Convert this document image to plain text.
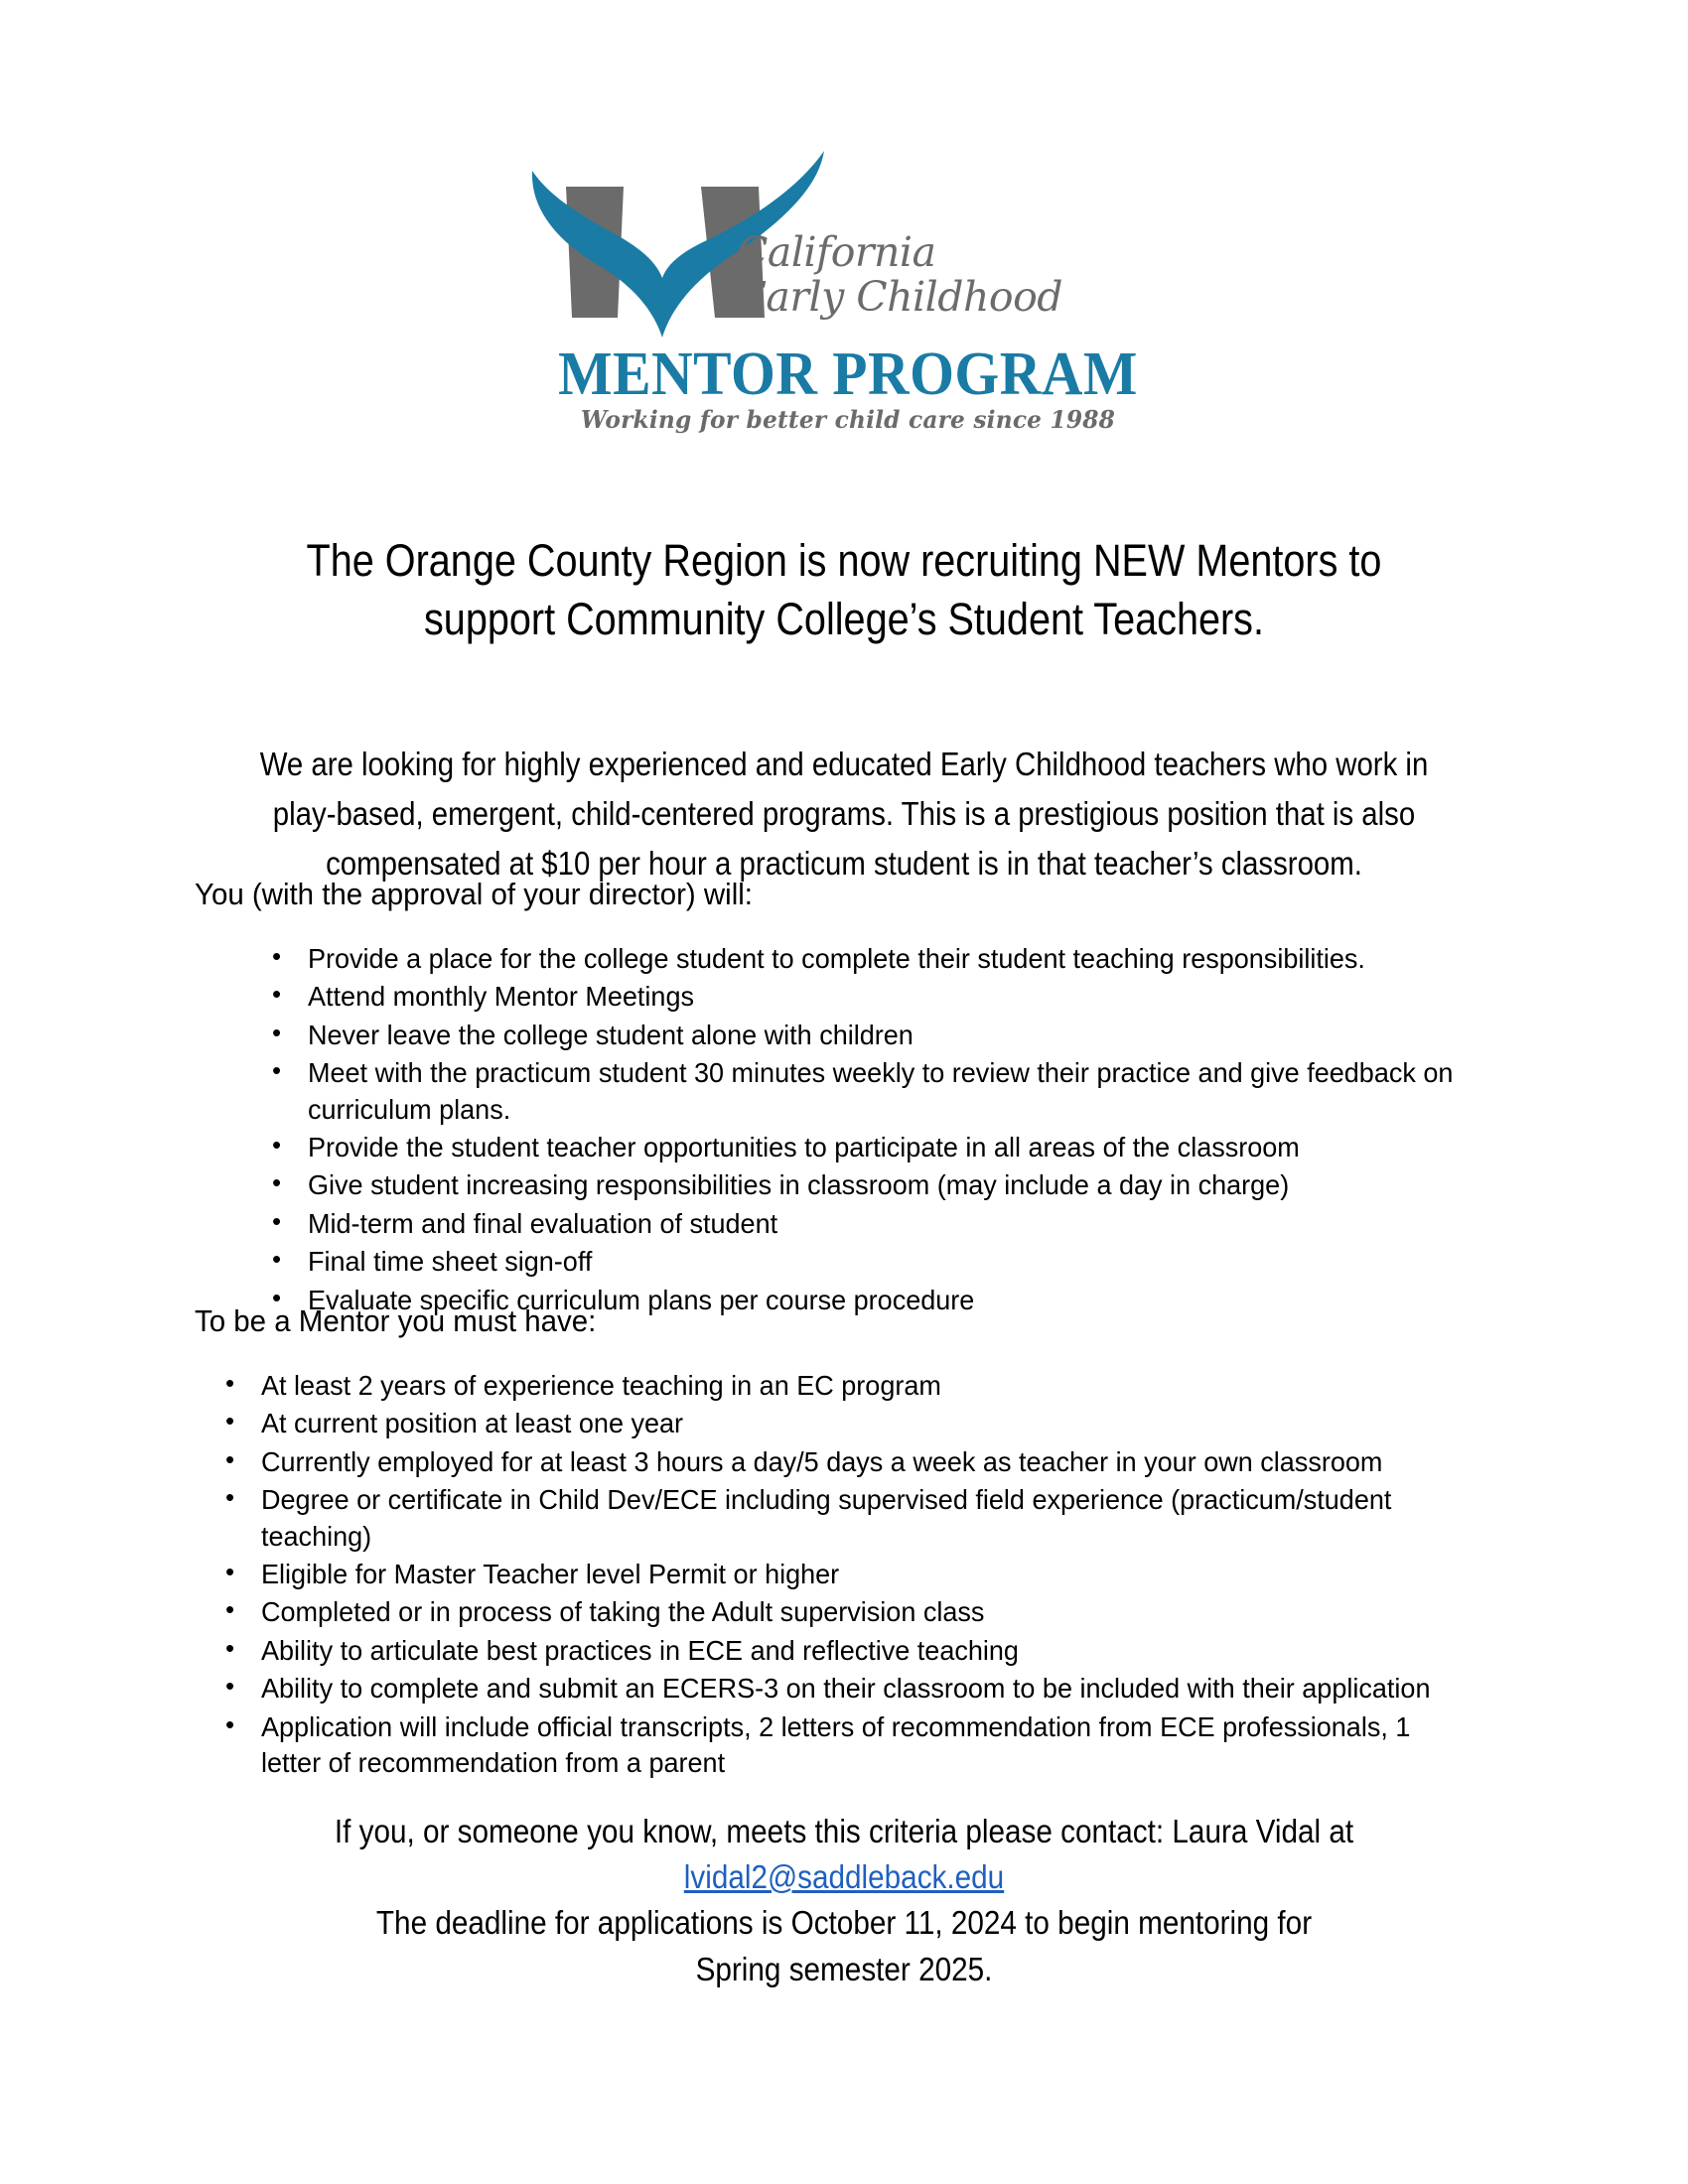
California
Early Childhood
MENTOR PROGRAM
Working for better child care since 1988
The Orange County Region is now recruiting NEW Mentors to
support Community College’s Student Teachers.

We are looking for highly experienced and educated Early Childhood teachers who work in play-based, emergent, child-centered programs. This is a prestigious position that is also compensated at $10 per hour a practicum student is in that teacher’s classroom.

You (with the approval of your director) will:
• Provide a place for the college student to complete their student teaching responsibilities.
• Attend monthly Mentor Meetings
• Never leave the college student alone with children
• Meet with the practicum student 30 minutes weekly to review their practice and give feedback on curriculum plans.
• Provide the student teacher opportunities to participate in all areas of the classroom
• Give student increasing responsibilities in classroom (may include a day in charge)
• Mid-term and final evaluation of student
• Final time sheet sign-off
• Evaluate specific curriculum plans per course procedure
To be a Mentor you must have:
• At least 2 years of experience teaching in an EC program
• At current position at least one year
• Currently employed for at least 3 hours a day/5 days a week as teacher in your own classroom
• Degree or certificate in Child Dev/ECE including supervised field experience (practicum/student teaching)
• Eligible for Master Teacher level Permit or higher
• Completed or in process of taking the Adult supervision class
• Ability to articulate best practices in ECE and reflective teaching
• Ability to complete and submit an ECERS-3 on their classroom to be included with their application
• Application will include official transcripts, 2 letters of recommendation from ECE professionals, 1 letter of recommendation from a parent
If you, or someone you know, meets this criteria please contact: Laura Vidal at
lvidal2@saddleback.edu
The deadline for applications is October 11, 2024 to begin mentoring for
Spring semester 2025.
